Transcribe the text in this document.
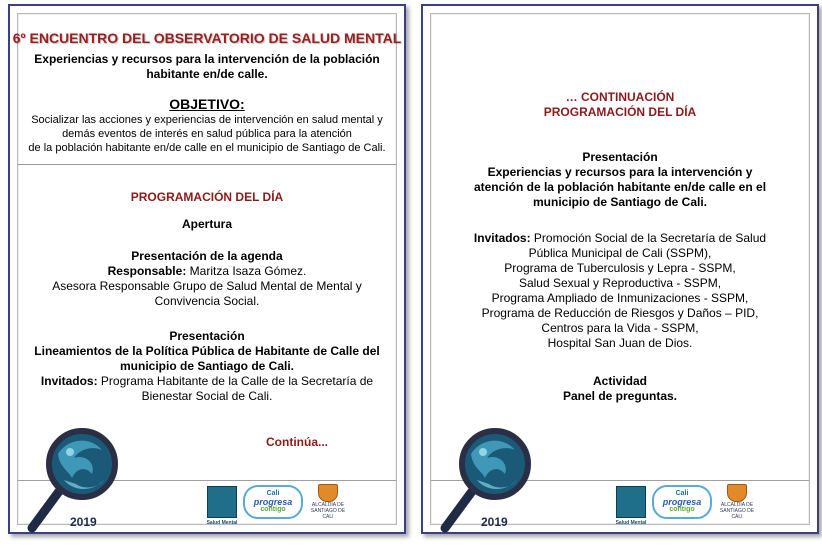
6º ENCUENTRO DEL OBSERVATORIO DE SALUD MENTAL
Experiencias y recursos para la intervención de la población
habitante en/de calle.
OBJETIVO:
Socializar las acciones y experiencias de intervención en salud mental y
demás eventos de interés en salud pública para la atención
de la población habitante en/de calle en el municipio de Santiago de Cali.
PROGRAMACIÓN DEL DÍA
Apertura
Presentación de la agenda
Responsable: Maritza Isaza Gómez.
Asesora Responsable Grupo de Salud Mental de Mental y
Convivencia Social.
Presentación
Lineamientos de la Política Pública de Habitante de Calle del
municipio de Santiago de Cali.
Invitados: Programa Habitante de la Calle de la Secretaría de
Bienestar Social de Cali.
Continúa...
2019	Salud Mental
Cali
progresa
contigo
ALCALDÍA DE SANTIAGO DE CALI
… CONTINUACIÓN
PROGRAMACIÓN DEL DÍA
Presentación
Experiencias y recursos para la intervención y
atención de la población habitante en/de calle en el
municipio de Santiago de Cali.
Invitados: Promoción Social de la Secretaría de Salud
Pública Municipal de Cali (SSPM),
Programa de Tuberculosis y Lepra - SSPM,
Salud Sexual y Reproductiva - SSPM,
Programa Ampliado de Inmunizaciones - SSPM,
Programa de Reducción de Riesgos y Daños – PID,
Centros para la Vida - SSPM,
Hospital San Juan de Dios.
Actividad
Panel de preguntas.
2019	Salud Mental
Cali
progresa
contigo
ALCALDÍA DE SANTIAGO DE CALI
